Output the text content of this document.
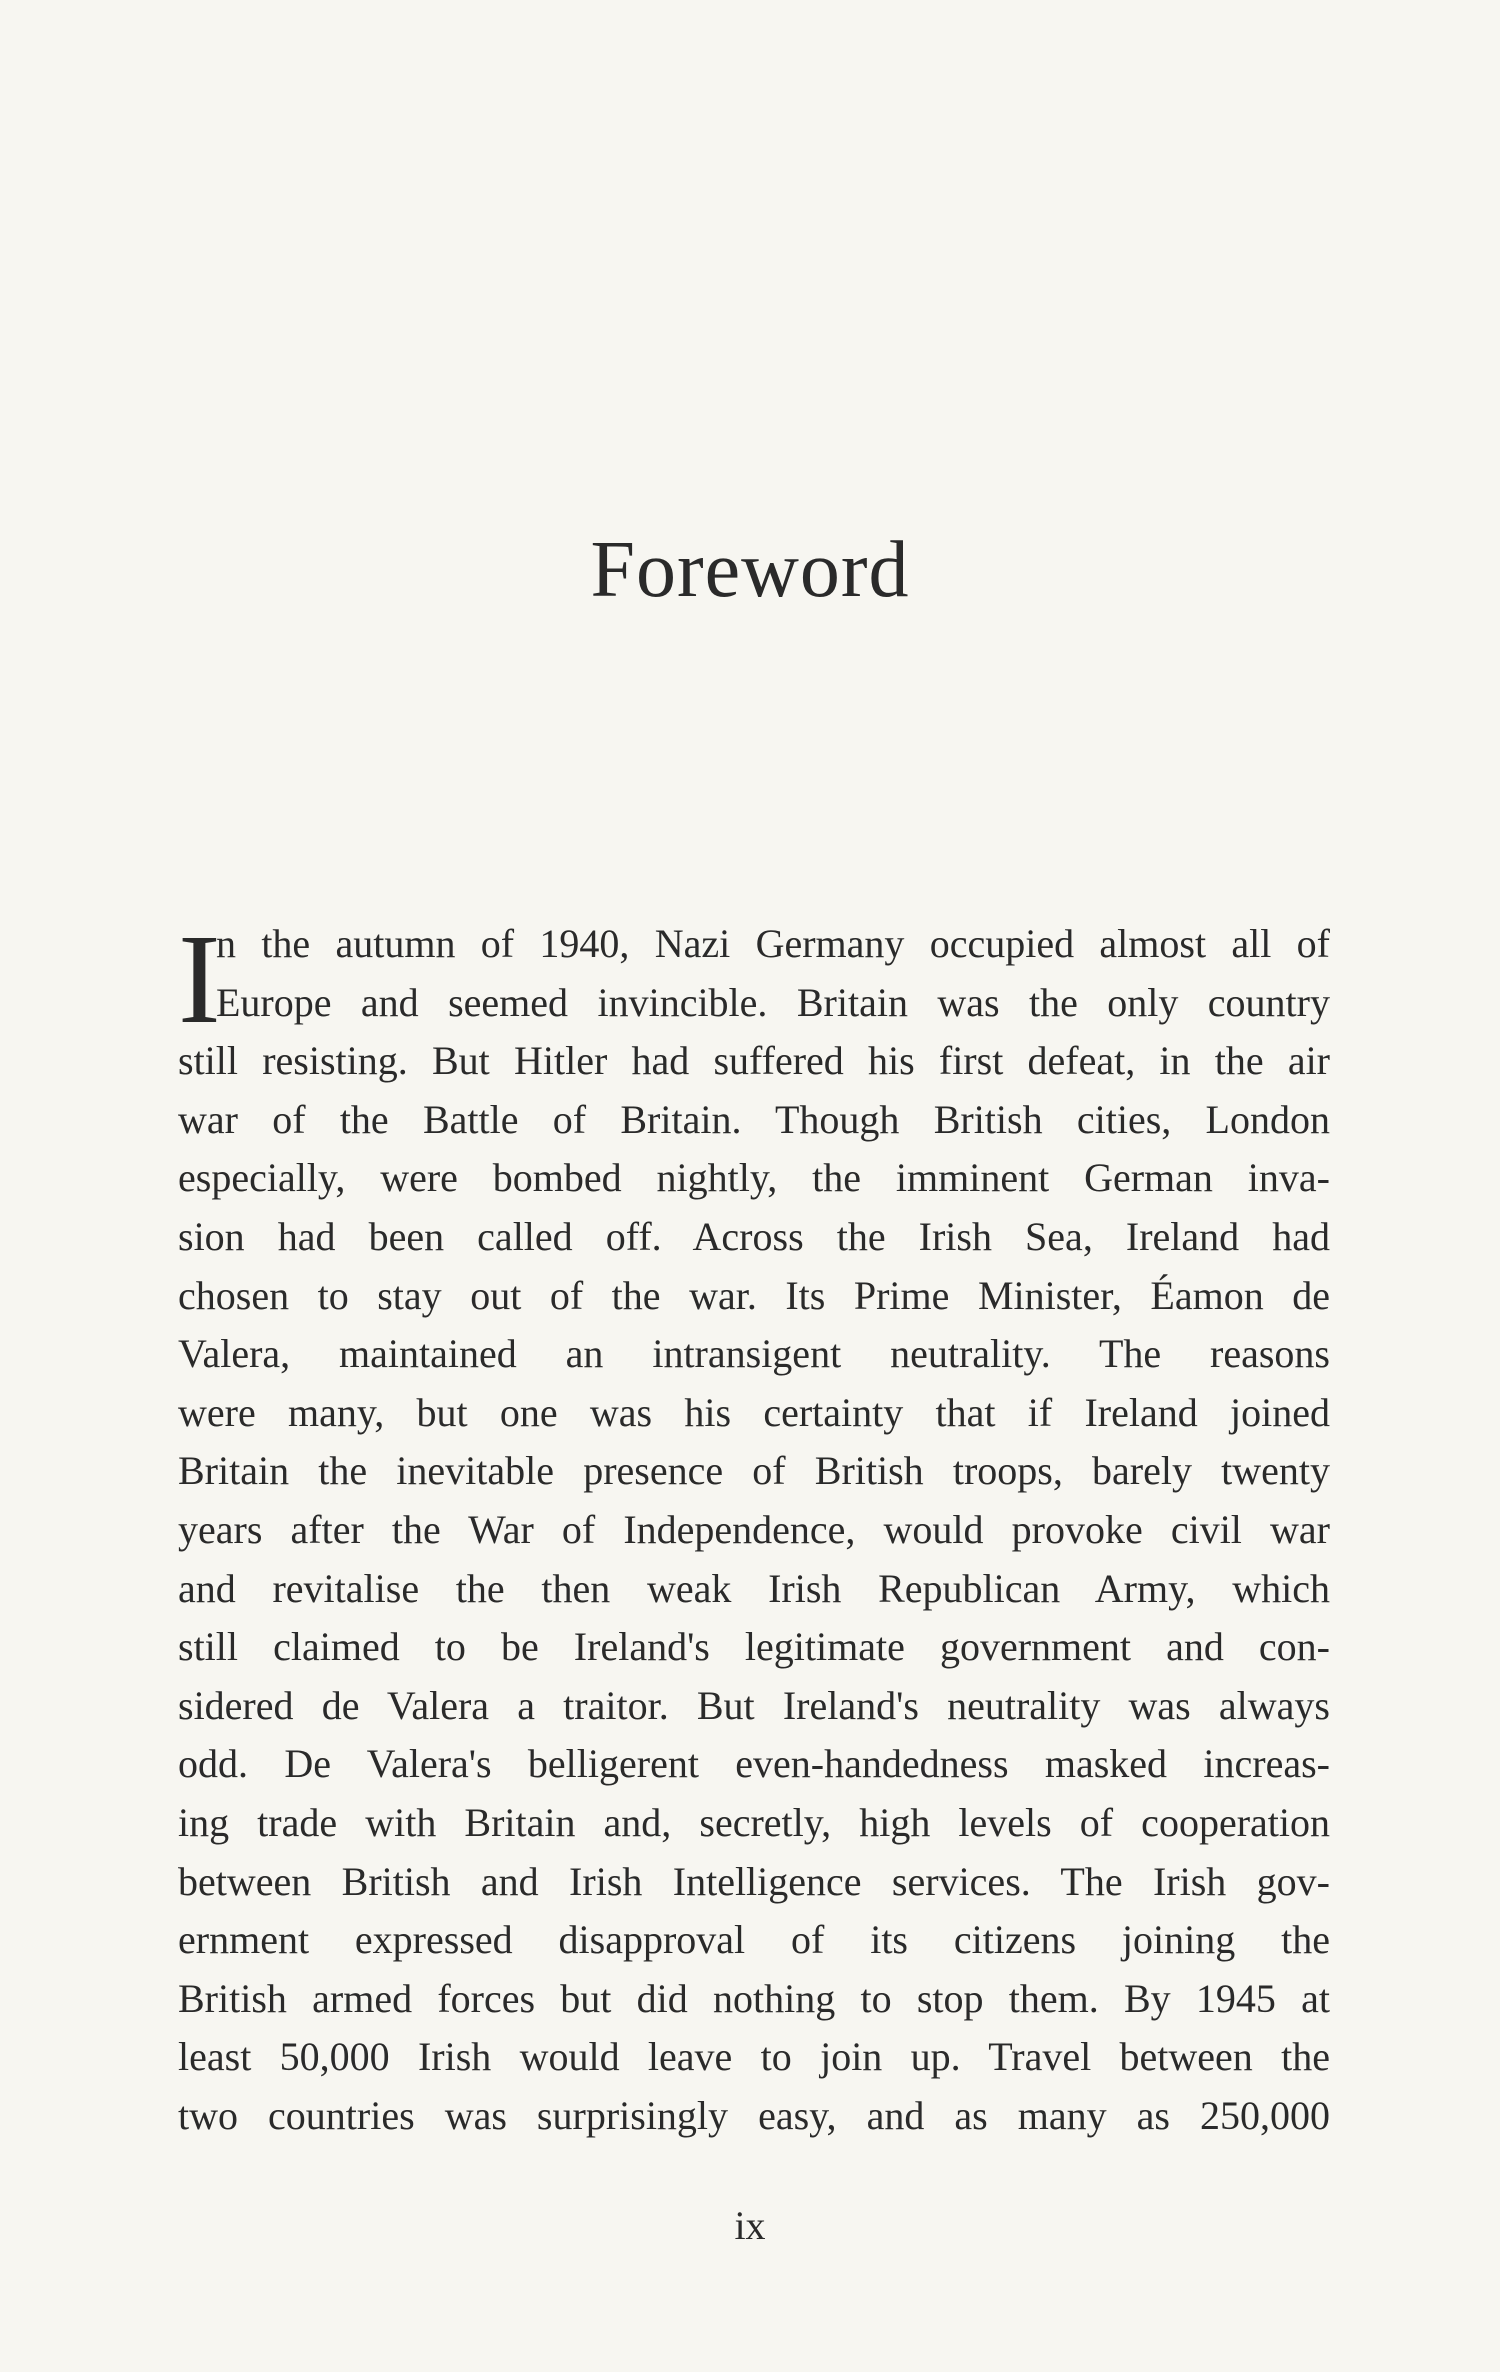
Foreword
I
n the autumn of 1940, Nazi Germany occupied almost all of
Europe and seemed invincible. Britain was the only country
still resisting. But Hitler had suffered his first defeat, in the air
war of the Battle of Britain. Though British cities, London
especially, were bombed nightly, the imminent German inva-
sion had been called off. Across the Irish Sea, Ireland had
chosen to stay out of the war. Its Prime Minister, Éamon de
Valera, maintained an intransigent neutrality. The reasons
were many, but one was his certainty that if Ireland joined
Britain the inevitable presence of British troops, barely twenty
years after the War of Independence, would provoke civil war
and revitalise the then weak Irish Republican Army, which
still claimed to be Ireland's legitimate government and con-
sidered de Valera a traitor. But Ireland's neutrality was always
odd. De Valera's belligerent even-handedness masked increas-
ing trade with Britain and, secretly, high levels of cooperation
between British and Irish Intelligence services. The Irish gov-
ernment expressed disapproval of its citizens joining the
British armed forces but did nothing to stop them. By 1945 at
least 50,000 Irish would leave to join up. Travel between the
two countries was surprisingly easy, and as many as 250,000
ix
